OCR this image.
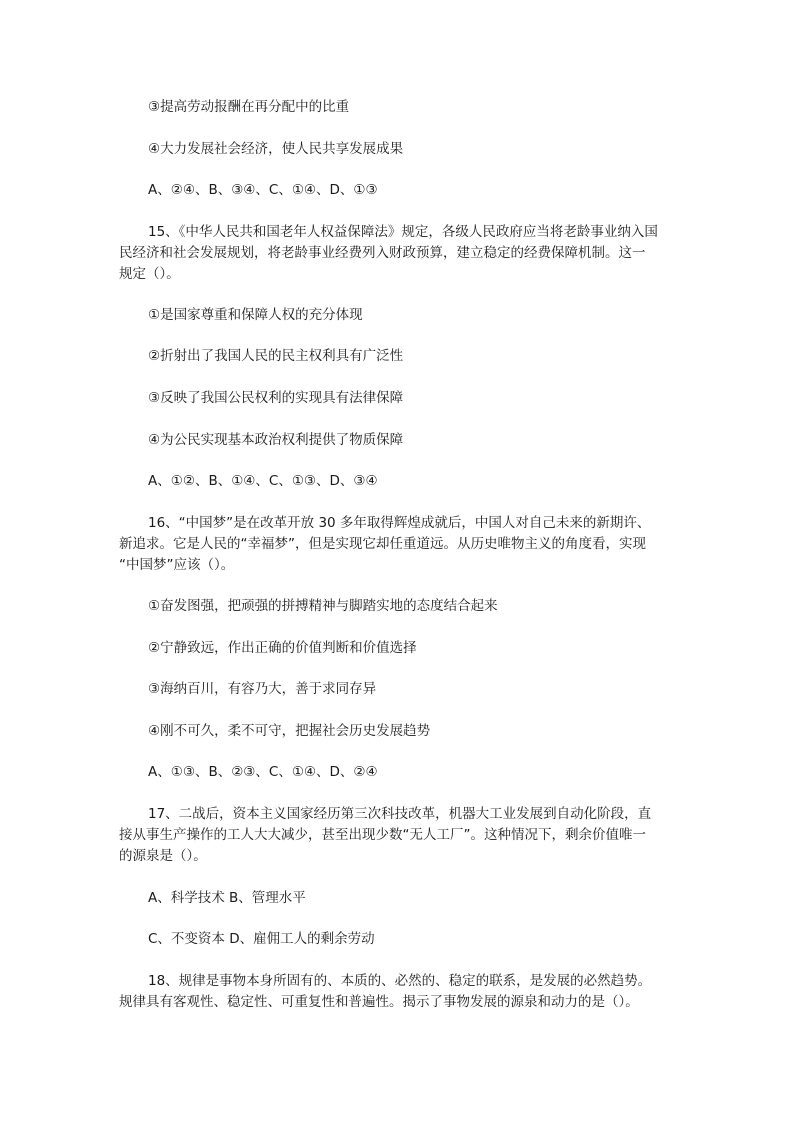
③提高劳动报酬在再分配中的比重
④大力发展社会经济，使人民共享发展成果
A、②④、B、③④、C、①④、D、①③
15、《中华人民共和国老年人权益保障法》规定，各级人民政府应当将老龄事业纳入国
民经济和社会发展规划，将老龄事业经费列入财政预算，建立稳定的经费保障机制。这一
规定（）。
①是国家尊重和保障人权的充分体现
②折射出了我国人民的民主权利具有广泛性
③反映了我国公民权利的实现具有法律保障
④为公民实现基本政治权利提供了物质保障
A、①②、B、①④、C、①③、D、③④
16、“中国梦”是在改革开放 30 多年取得辉煌成就后，中国人对自己未来的新期许、
新追求。它是人民的“幸福梦”，但是实现它却任重道远。从历史唯物主义的角度看，实现
“中国梦”应该（）。
①奋发图强，把顽强的拼搏精神与脚踏实地的态度结合起来
②宁静致远，作出正确的价值判断和价值选择
③海纳百川，有容乃大，善于求同存异
④刚不可久，柔不可守，把握社会历史发展趋势
A、①③、B、②③、C、①④、D、②④
17、二战后，资本主义国家经历第三次科技改革，机器大工业发展到自动化阶段，直
接从事生产操作的工人大大减少，甚至出现少数“无人工厂”。这种情况下，剩余价值唯一
的源泉是（）。
A、科学技术 B、管理水平
C、不变资本 D、雇佣工人的剩余劳动
18、规律是事物本身所固有的、本质的、必然的、稳定的联系，是发展的必然趋势。
规律具有客观性、稳定性、可重复性和普遍性。揭示了事物发展的源泉和动力的是（）。
